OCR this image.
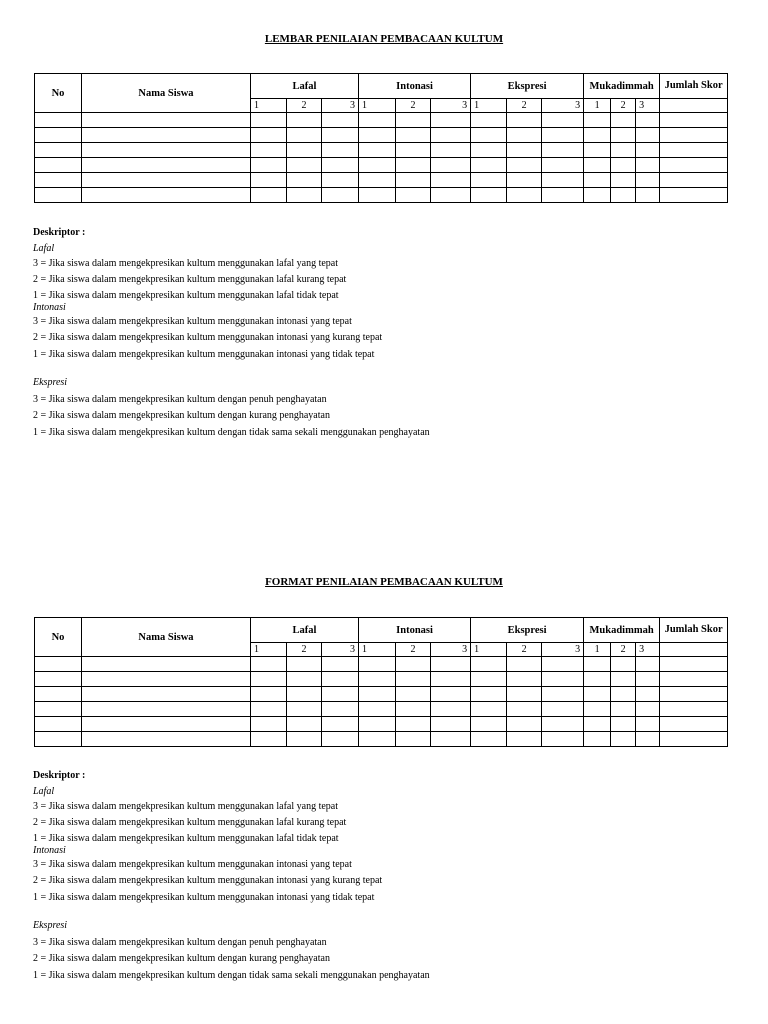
LEMBAR PENILAIAN PEMBACAAN KULTUM
No	Nama Siswa	Lafal			Intonasi			Ekspresi			Mukadimmah			Jumlah Skor
		1	2	3	1	2	3	1	2	3	1	2	3	

Deskriptor :
Lafal
3 = Jika siswa dalam mengekpresikan kultum menggunakan lafal yang tepat
2 = Jika siswa dalam mengekpresikan kultum menggunakan lafal kurang tepat
1 = Jika siswa dalam mengekpresikan kultum menggunakan lafal tidak tepat
Intonasi
3 = Jika siswa dalam mengekpresikan kultum menggunakan intonasi yang tepat
2 = Jika siswa dalam mengekpresikan kultum menggunakan intonasi yang kurang tepat
1 = Jika siswa dalam mengekpresikan kultum menggunakan intonasi yang tidak tepat
Ekspresi
3 = Jika siswa dalam mengekpresikan kultum dengan penuh penghayatan
2 = Jika siswa dalam mengekpresikan kultum dengan kurang penghayatan
1 = Jika siswa dalam mengekpresikan kultum dengan tidak sama sekali menggunakan penghayatan
FORMAT PENILAIAN PEMBACAAN KULTUM
No	Nama Siswa	Lafal			Intonasi			Ekspresi			Mukadimmah			Jumlah Skor
		1	2	3	1	2	3	1	2	3	1	2	3	

Deskriptor :
Lafal
3 = Jika siswa dalam mengekpresikan kultum menggunakan lafal yang tepat
2 = Jika siswa dalam mengekpresikan kultum menggunakan lafal kurang tepat
1 = Jika siswa dalam mengekpresikan kultum menggunakan lafal tidak tepat
Intonasi
3 = Jika siswa dalam mengekpresikan kultum menggunakan intonasi yang tepat
2 = Jika siswa dalam mengekpresikan kultum menggunakan intonasi yang kurang tepat
1 = Jika siswa dalam mengekpresikan kultum menggunakan intonasi yang tidak tepat
Ekspresi
3 = Jika siswa dalam mengekpresikan kultum dengan penuh penghayatan
2 = Jika siswa dalam mengekpresikan kultum dengan kurang penghayatan
1 = Jika siswa dalam mengekpresikan kultum dengan tidak sama sekali menggunakan penghayatan
